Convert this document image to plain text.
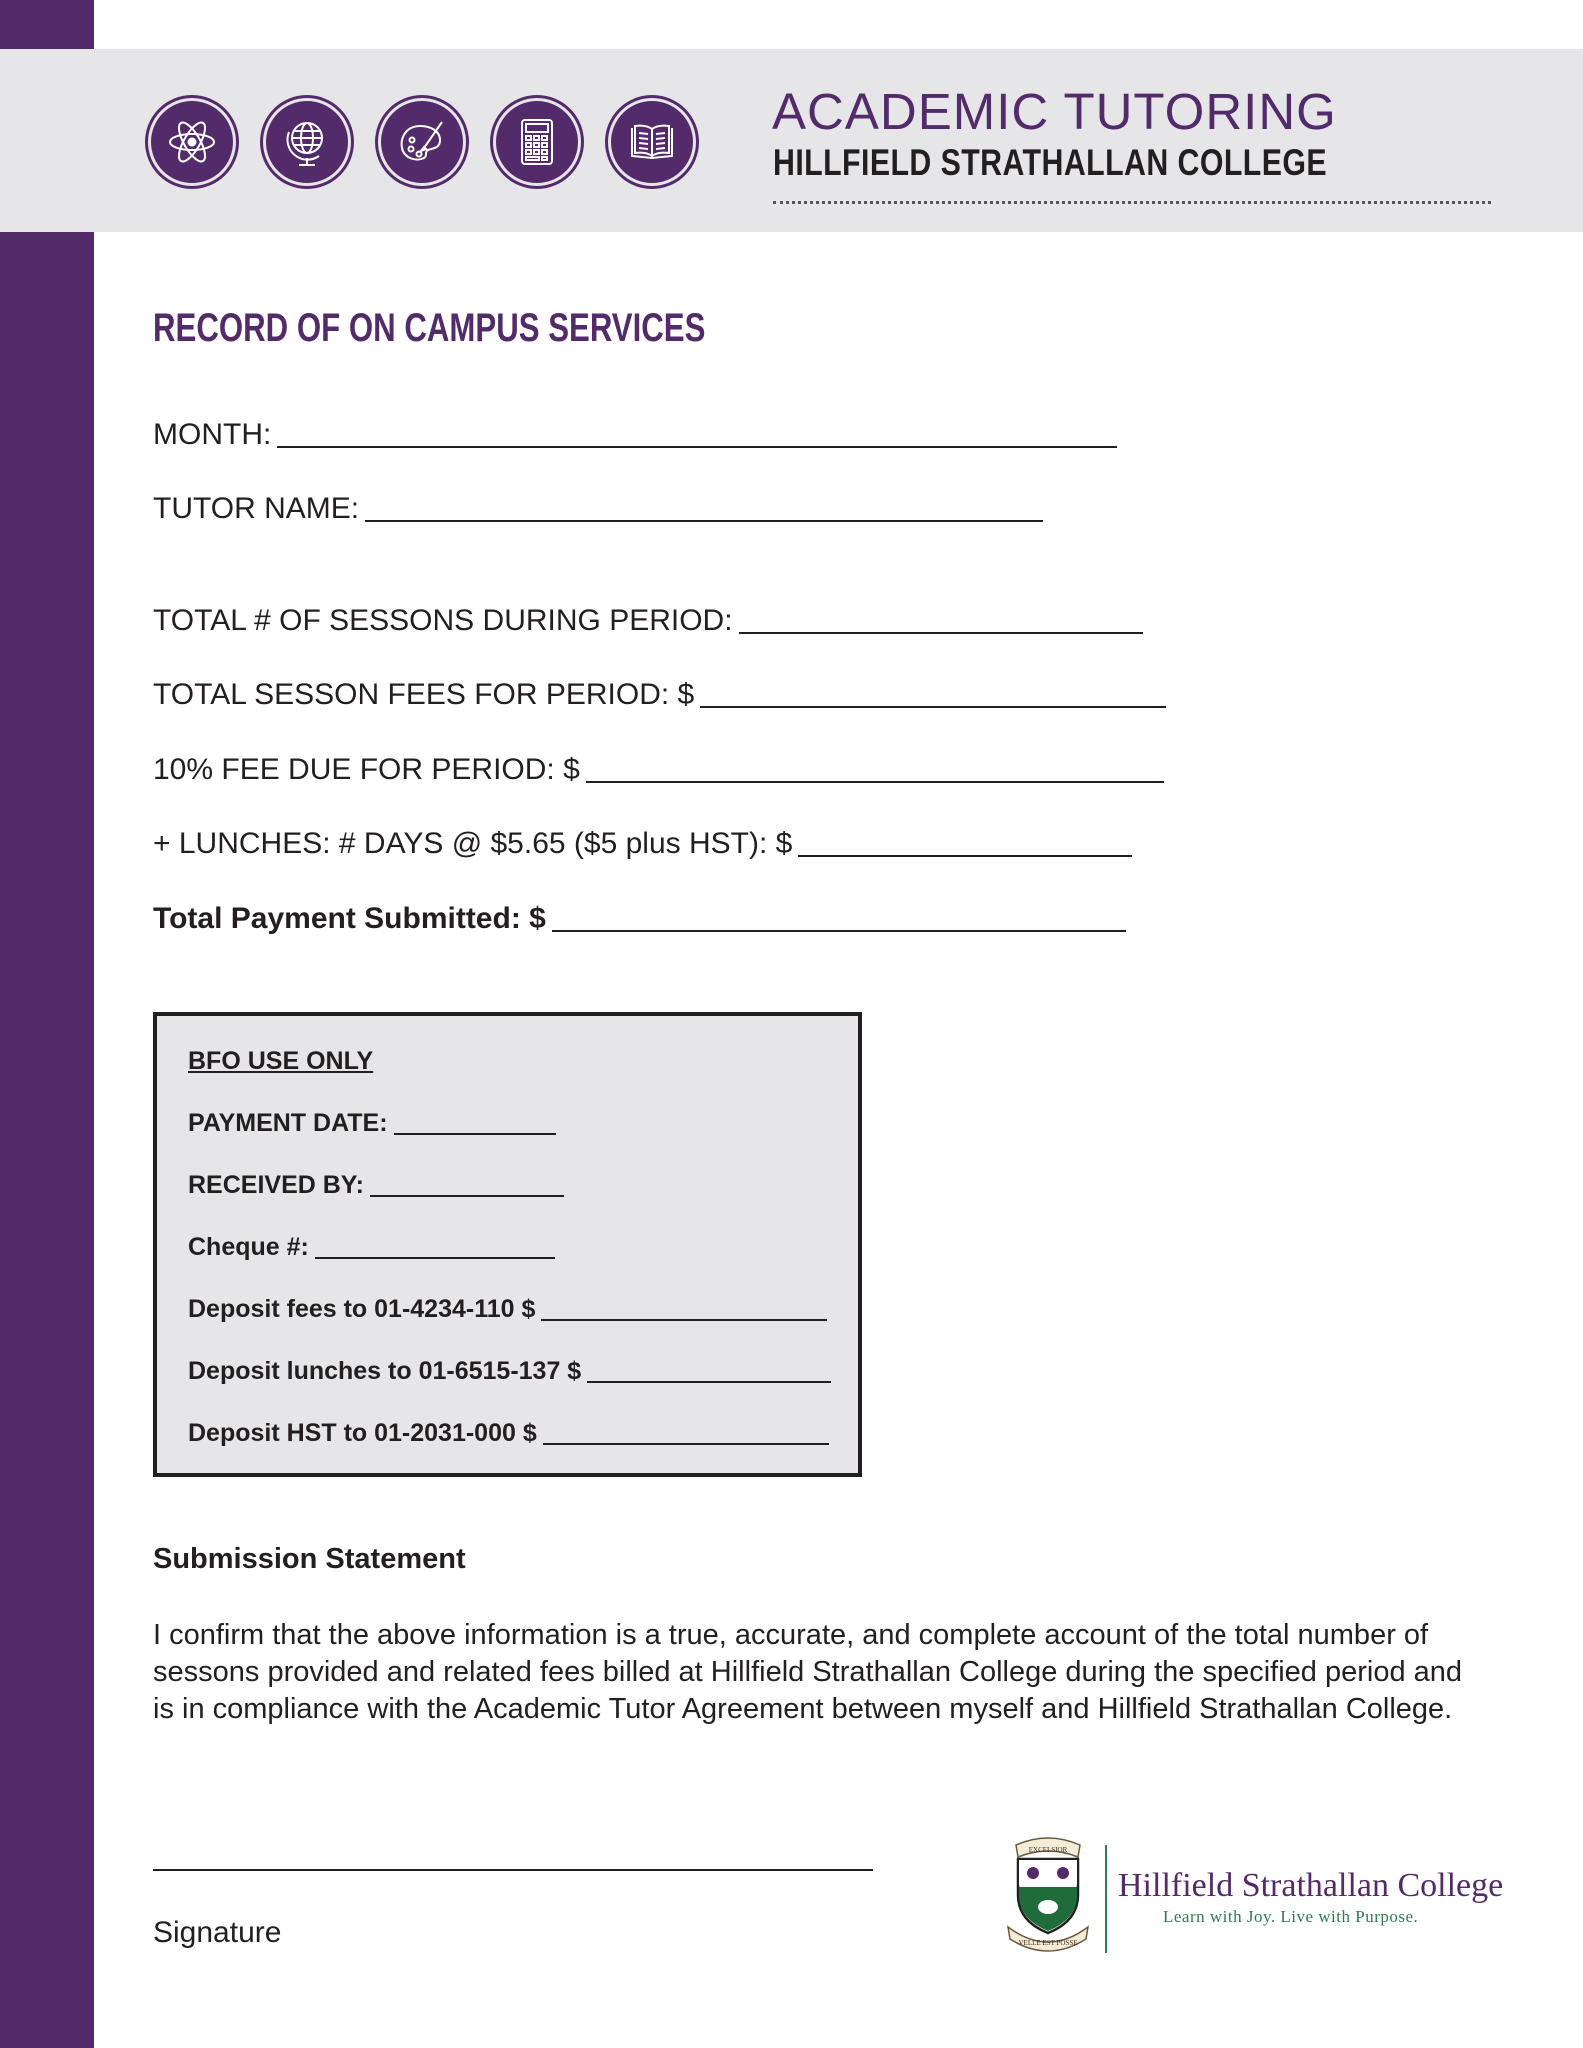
ACADEMIC TUTORING
HILLFIELD STRATHALLAN COLLEGE
RECORD OF ON CAMPUS SERVICES
MONTH:
TUTOR NAME:
TOTAL # OF SESSONS DURING PERIOD:
TOTAL SESSON FEES FOR PERIOD: $
10% FEE DUE FOR PERIOD: $
+ LUNCHES: # DAYS @ $5.65 ($5 plus HST): $
Total Payment Submitted: $
BFO USE ONLY
PAYMENT DATE:
RECEIVED BY:
Cheque #:
Deposit fees to 01-4234-110 $
Deposit lunches to 01-6515-137 $
Deposit HST to 01-2031-000 $
Submission Statement

I confirm that the above information is a true, accurate, and complete account of the total number of sessons provided and related fees billed at Hillfield Strathallan College during the specified period and is in compliance with the Academic Tutor Agreement between myself and Hillfield Strathallan College.

Signature
EXCELSIOR
VELLE EST POSSE
Hillfield Strathallan College
Learn with Joy. Live with Purpose.
